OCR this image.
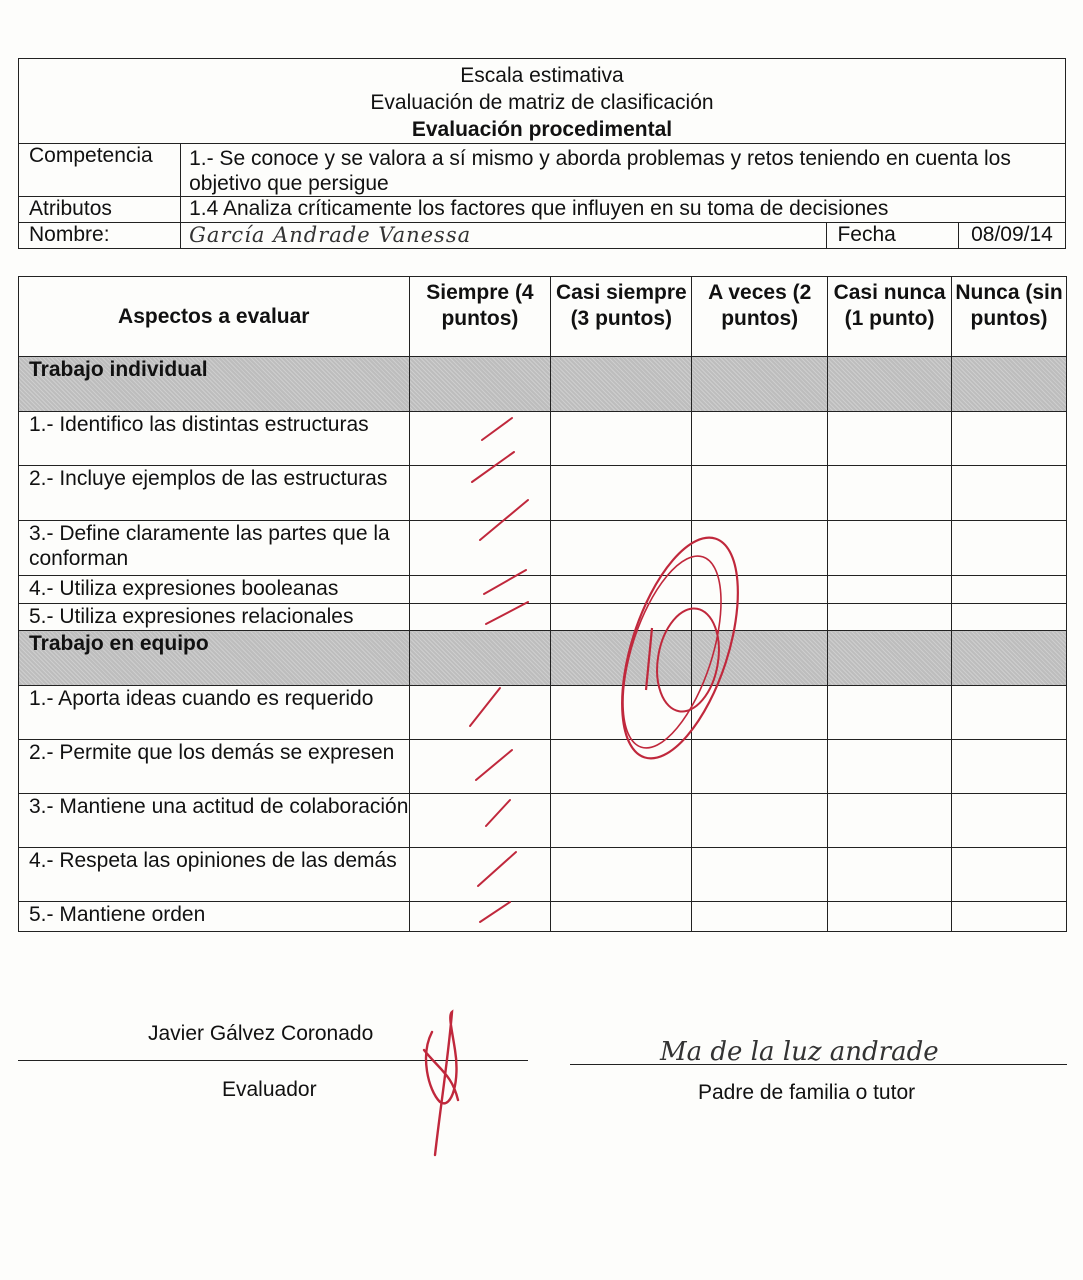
Escala estimativa
Evaluación de matriz de clasificación
Evaluación procedimental			

Competencia	1.- Se conoce y se valora a sí mismo y aborda problemas y retos teniendo en cuenta los objetivo que persigue		
Atributos	1.4 Analiza críticamente los factores que influyen en su toma de decisiones		
Nombre:	García Andrade Vanessa	Fecha	08/09/14
Aspectos a evaluar	Siempre (4 puntos)	Casi siempre (3 puntos)	A veces (2 puntos)	Casi nunca (1 punto)	Nunca (sin puntos)
Trabajo individual					
1.- Identifico las distintas estructuras					
2.- Incluye ejemplos de las estructuras					
3.- Define claramente las partes que la conforman					
4.- Utiliza expresiones booleanas					
5.- Utiliza expresiones relacionales					
Trabajo en equipo					
1.- Aporta ideas cuando es requerido					
2.- Permite que los demás se expresen					
3.- Mantiene una actitud de colaboración					
4.- Respeta las opiniones de las demás					
5.- Mantiene orden					
Javier Gálvez Coronado
Evaluador	Padre de familia o tutor
Ma de la luz andrade
